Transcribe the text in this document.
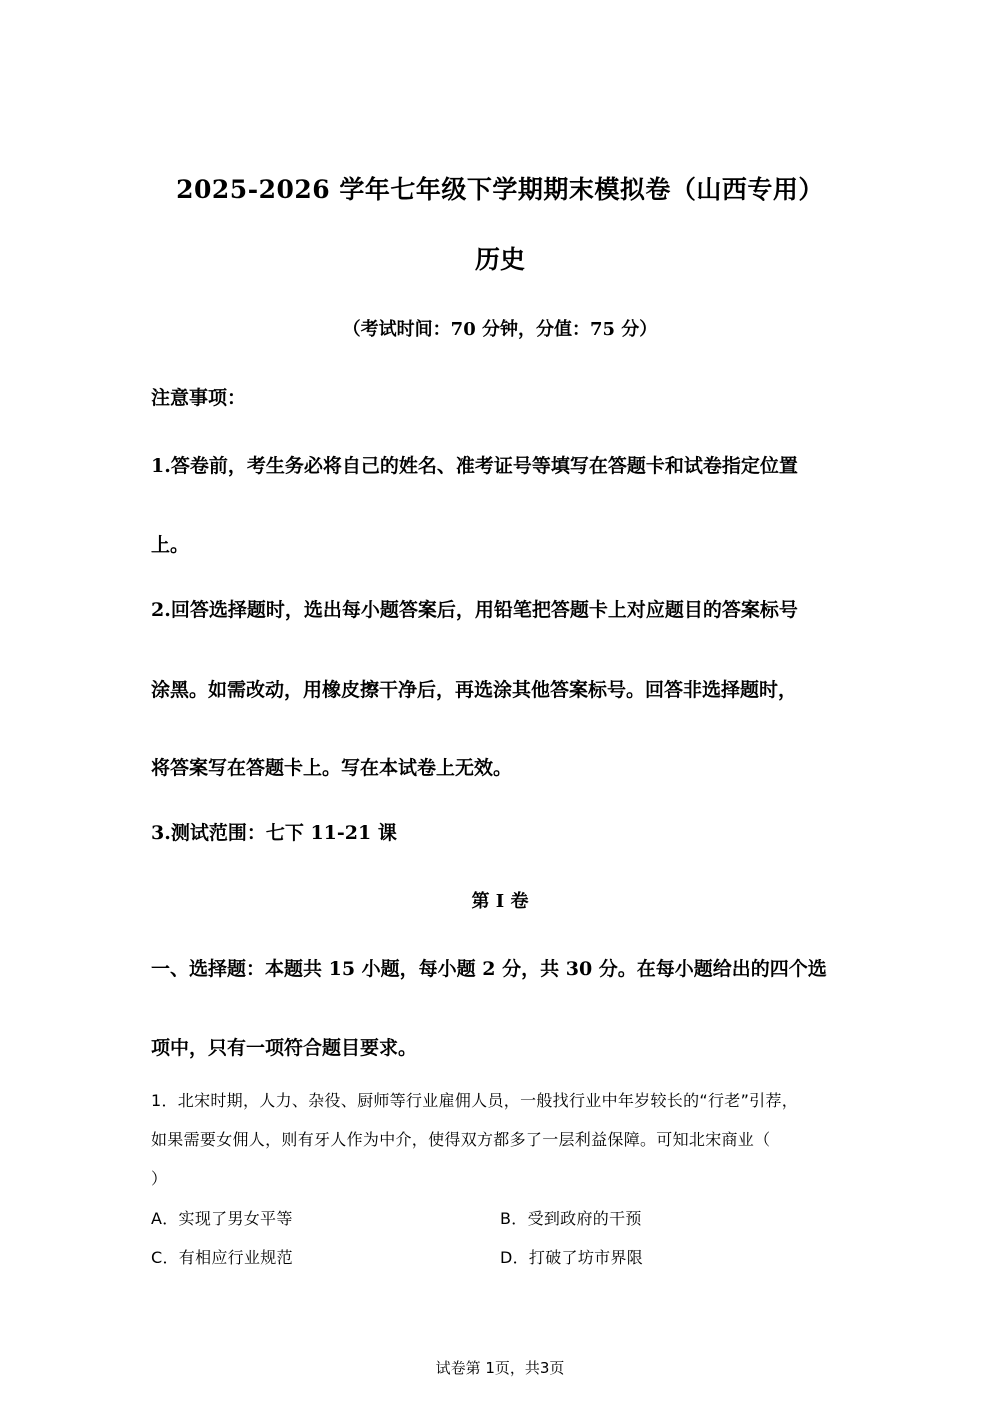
2025-2026 学年七年级下学期期末模拟卷（山西专用）
历史
（考试时间：70 分钟，分值：75 分）
注意事项：
1.答卷前，考生务必将自己的姓名、准考证号等填写在答题卡和试卷指定位置
上。
2.回答选择题时，选出每小题答案后，用铅笔把答题卡上对应题目的答案标号
涂黑。如需改动，用橡皮擦干净后，再选涂其他答案标号。回答非选择题时，
将答案写在答题卡上。写在本试卷上无效。
3.测试范围：七下 11-21 课
第 I 卷
一、选择题：本题共 15 小题，每小题 2 分，共 30 分。在每小题给出的四个选
项中，只有一项符合题目要求。
1．北宋时期，人力、杂役、厨师等行业雇佣人员，一般找行业中年岁较长的“行老”引荐，
如果需要女佣人，则有牙人作为中介，使得双方都多了一层利益保障。可知北宋商业（
）
A．实现了男女平等	B．受到政府的干预
C．有相应行业规范	D．打破了坊市界限
试卷第 1页，共3页
